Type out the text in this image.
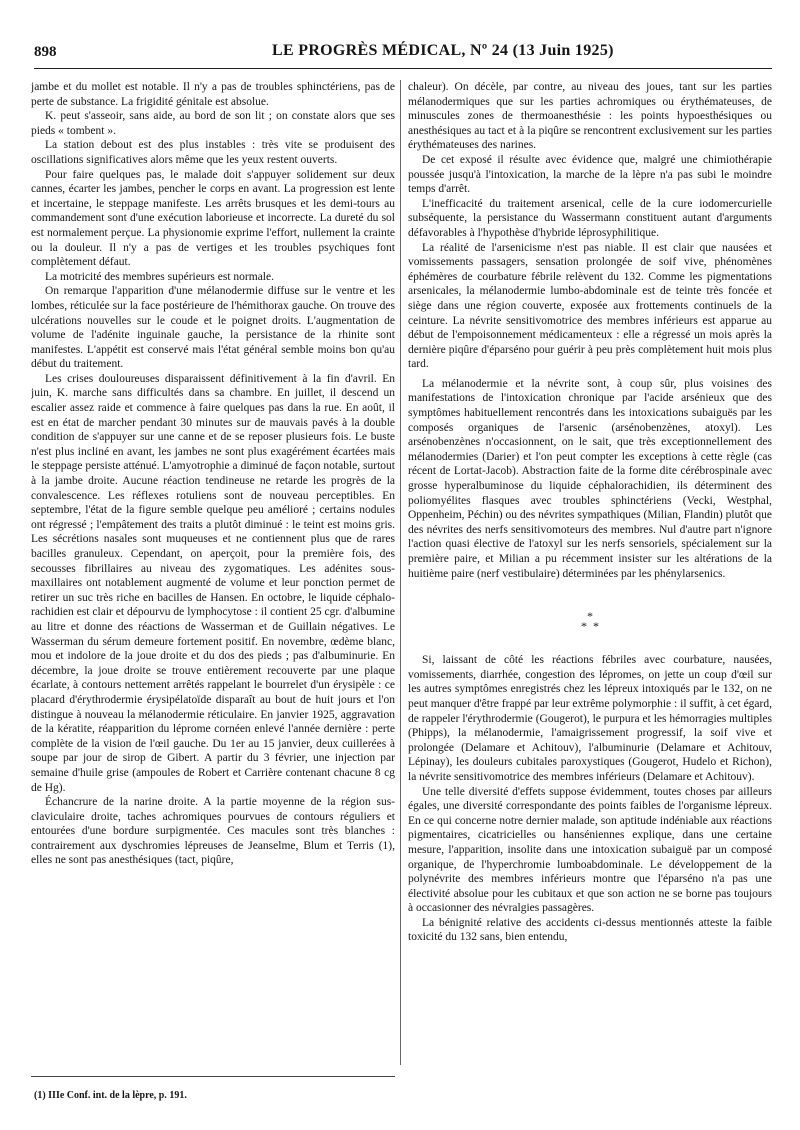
898	LE PROGRÈS MÉDICAL, Nº 24 (13 Juin 1925)

jambe et du mollet est notable. Il n'y a pas de troubles sphinctériens, pas de perte de substance. La frigidité génitale est absolue.

K. peut s'asseoir, sans aide, au bord de son lit ; on constate alors que ses pieds « tombent ».

La station debout est des plus instables : très vite se produisent des oscillations significatives alors même que les yeux restent ouverts.

Pour faire quelques pas, le malade doit s'appuyer solidement sur deux cannes, écarter les jambes, pencher le corps en avant. La progression est lente et incertaine, le steppage manifeste. Les arrêts brusques et les demi-tours au commandement sont d'une exécution laborieuse et incorrecte. La dureté du sol est normalement perçue. La physionomie exprime l'effort, nullement la crainte ou la douleur. Il n'y a pas de vertiges et les troubles psychiques font complètement défaut.

La motricité des membres supérieurs est normale.

On remarque l'apparition d'une mélanodermie diffuse sur le ventre et les lombes, réticulée sur la face postérieure de l'hémithorax gauche. On trouve des ulcérations nouvelles sur le coude et le poignet droits. L'augmentation de volume de l'adénite inguinale gauche, la persistance de la rhinite sont manifestes. L'appétit est conservé mais l'état général semble moins bon qu'au début du traitement.

Les crises douloureuses disparaissent définitivement à la fin d'avril. En juin, K. marche sans difficultés dans sa chambre. En juillet, il descend un escalier assez raide et commence à faire quelques pas dans la rue. En août, il est en état de marcher pendant 30 minutes sur de mauvais pavés à la double condition de s'appuyer sur une canne et de se reposer plusieurs fois. Le buste n'est plus incliné en avant, les jambes ne sont plus exagérément écartées mais le steppage persiste atténué. L'amyotrophie a diminué de façon notable, surtout à la jambe droite. Aucune réaction tendineuse ne retarde les progrès de la convalescence. Les réflexes rotuliens sont de nouveau perceptibles. En septembre, l'état de la figure semble quelque peu amélioré ; certains nodules ont régressé ; l'empâtement des traits a plutôt diminué : le teint est moins gris. Les sécrétions nasales sont muqueuses et ne contiennent plus que de rares bacilles granuleux. Cependant, on aperçoit, pour la première fois, des secousses fibrillaires au niveau des zygomatiques. Les adénites sous-maxillaires ont notablement augmenté de volume et leur ponction permet de retirer un suc très riche en bacilles de Hansen. En octobre, le liquide céphalo-rachidien est clair et dépourvu de lymphocytose : il contient 25 cgr. d'albumine au litre et donne des réactions de Wasserman et de Guillain négatives. Le Wasserman du sérum demeure fortement positif. En novembre, œdème blanc, mou et indolore de la joue droite et du dos des pieds ; pas d'albuminurie. En décembre, la joue droite se trouve entièrement recouverte par une plaque écarlate, à contours nettement arrêtés rappelant le bourrelet d'un érysipèle : ce placard d'érythrodermie érysipélatoïde disparaît au bout de huit jours et l'on distingue à nouveau la mélanodermie réticulaire. En janvier 1925, aggravation de la kératite, réapparition du léprome cornéen enlevé l'année dernière : perte complète de la vision de l'œil gauche. Du 1er au 15 janvier, deux cuillerées à soupe par jour de sirop de Gibert. A partir du 3 février, une injection par semaine d'huile grise (ampoules de Robert et Carrière contenant chacune 8 cg de Hg).

Échancrure de la narine droite. A la partie moyenne de la région sus-claviculaire droite, taches achromiques pourvues de contours réguliers et entourées d'une bordure surpigmentée. Ces macules sont très blanches : contrairement aux dyschromies lépreuses de Jeanselme, Blum et Terris (1), elles ne sont pas anesthésiques (tact, piqûre,

chaleur). On décèle, par contre, au niveau des joues, tant sur les parties mélanodermiques que sur les parties achromiques ou érythémateuses, de minuscules zones de thermoanesthésie : les points hypoesthésiques ou anesthésiques au tact et à la piqûre se rencontrent exclusivement sur les parties érythémateuses des narines.

De cet exposé il résulte avec évidence que, malgré une chimiothérapie poussée jusqu'à l'intoxication, la marche de la lèpre n'a pas subi le moindre temps d'arrêt.

L'inefficacité du traitement arsenical, celle de la cure iodomercurielle subséquente, la persistance du Wassermann constituent autant d'arguments défavorables à l'hypothèse d'hybride léprosyphilitique.

La réalité de l'arsenicisme n'est pas niable. Il est clair que nausées et vomissements passagers, sensation prolongée de soif vive, phénomènes éphémères de courbature fébrile relèvent du 132. Comme les pigmentations arsenicales, la mélanodermie lumbo-abdominale est de teinte très foncée et siège dans une région couverte, exposée aux frottements continuels de la ceinture. La névrite sensitivomotrice des membres inférieurs est apparue au début de l'empoisonnement médicamenteux : elle a régressé un mois après la dernière piqûre d'éparséno pour guérir à peu près complètement huit mois plus tard.

La mélanodermie et la névrite sont, à coup sûr, plus voisines des manifestations de l'intoxication chronique par l'acide arsénieux que des symptômes habituellement rencontrés dans les intoxications subaiguës par les composés organiques de l'arsenic (arsénobenzènes, atoxyl). Les arsénobenzènes n'occasionnent, on le sait, que très exceptionnellement des mélanodermies (Darier) et l'on peut compter les exceptions à cette règle (cas récent de Lortat-Jacob). Abstraction faite de la forme dite cérébrospinale avec grosse hyperalbuminose du liquide céphalorachidien, ils déterminent des poliomyélites flasques avec troubles sphinctériens (Vecki, Westphal, Oppenheim, Péchin) ou des névrites sympathiques (Milian, Flandin) plutôt que des névrites des nerfs sensitivomoteurs des membres. Nul d'autre part n'ignore l'action quasi élective de l'atoxyl sur les nerfs sensoriels, spécialement sur la première paire, et Milian a pu récemment insister sur les altérations de la huitième paire (nerf vestibulaire) déterminées par les phénylarsenics.

*
* *

Si, laissant de côté les réactions fébriles avec courbature, nausées, vomissements, diarrhée, congestion des lépromes, on jette un coup d'œil sur les autres symptômes enregistrés chez les lépreux intoxiqués par le 132, on ne peut manquer d'être frappé par leur extrême polymorphie : il suffit, à cet égard, de rappeler l'érythrodermie (Gougerot), le purpura et les hémorragies multiples (Phipps), la mélanodermie, l'amaigrissement progressif, la soif vive et prolongée (Delamare et Achitouv), l'albuminurie (Delamare et Achitouv, Lépinay), les douleurs cubitales paroxystiques (Gougerot, Hudelo et Richon), la névrite sensitivomotrice des membres inférieurs (Delamare et Achitouv).

Une telle diversité d'effets suppose évidemment, toutes choses par ailleurs égales, une diversité correspondante des points faibles de l'organisme lépreux. En ce qui concerne notre dernier malade, son aptitude indéniable aux réactions pigmentaires, cicatricielles ou hanséniennes explique, dans une certaine mesure, l'apparition, insolite dans une intoxication subaiguë par un composé organique, de l'hyperchromie lumboabdominale. Le développement de la polynévrite des membres inférieurs montre que l'éparséno n'a pas une électivité absolue pour les cubitaux et que son action ne se borne pas toujours à occasionner des névralgies passagères.

La bénignité relative des accidents ci-dessus mentionnés atteste la faible toxicité du 132 sans, bien entendu,

(1) IIIe Conf. int. de la lèpre, p. 191.
